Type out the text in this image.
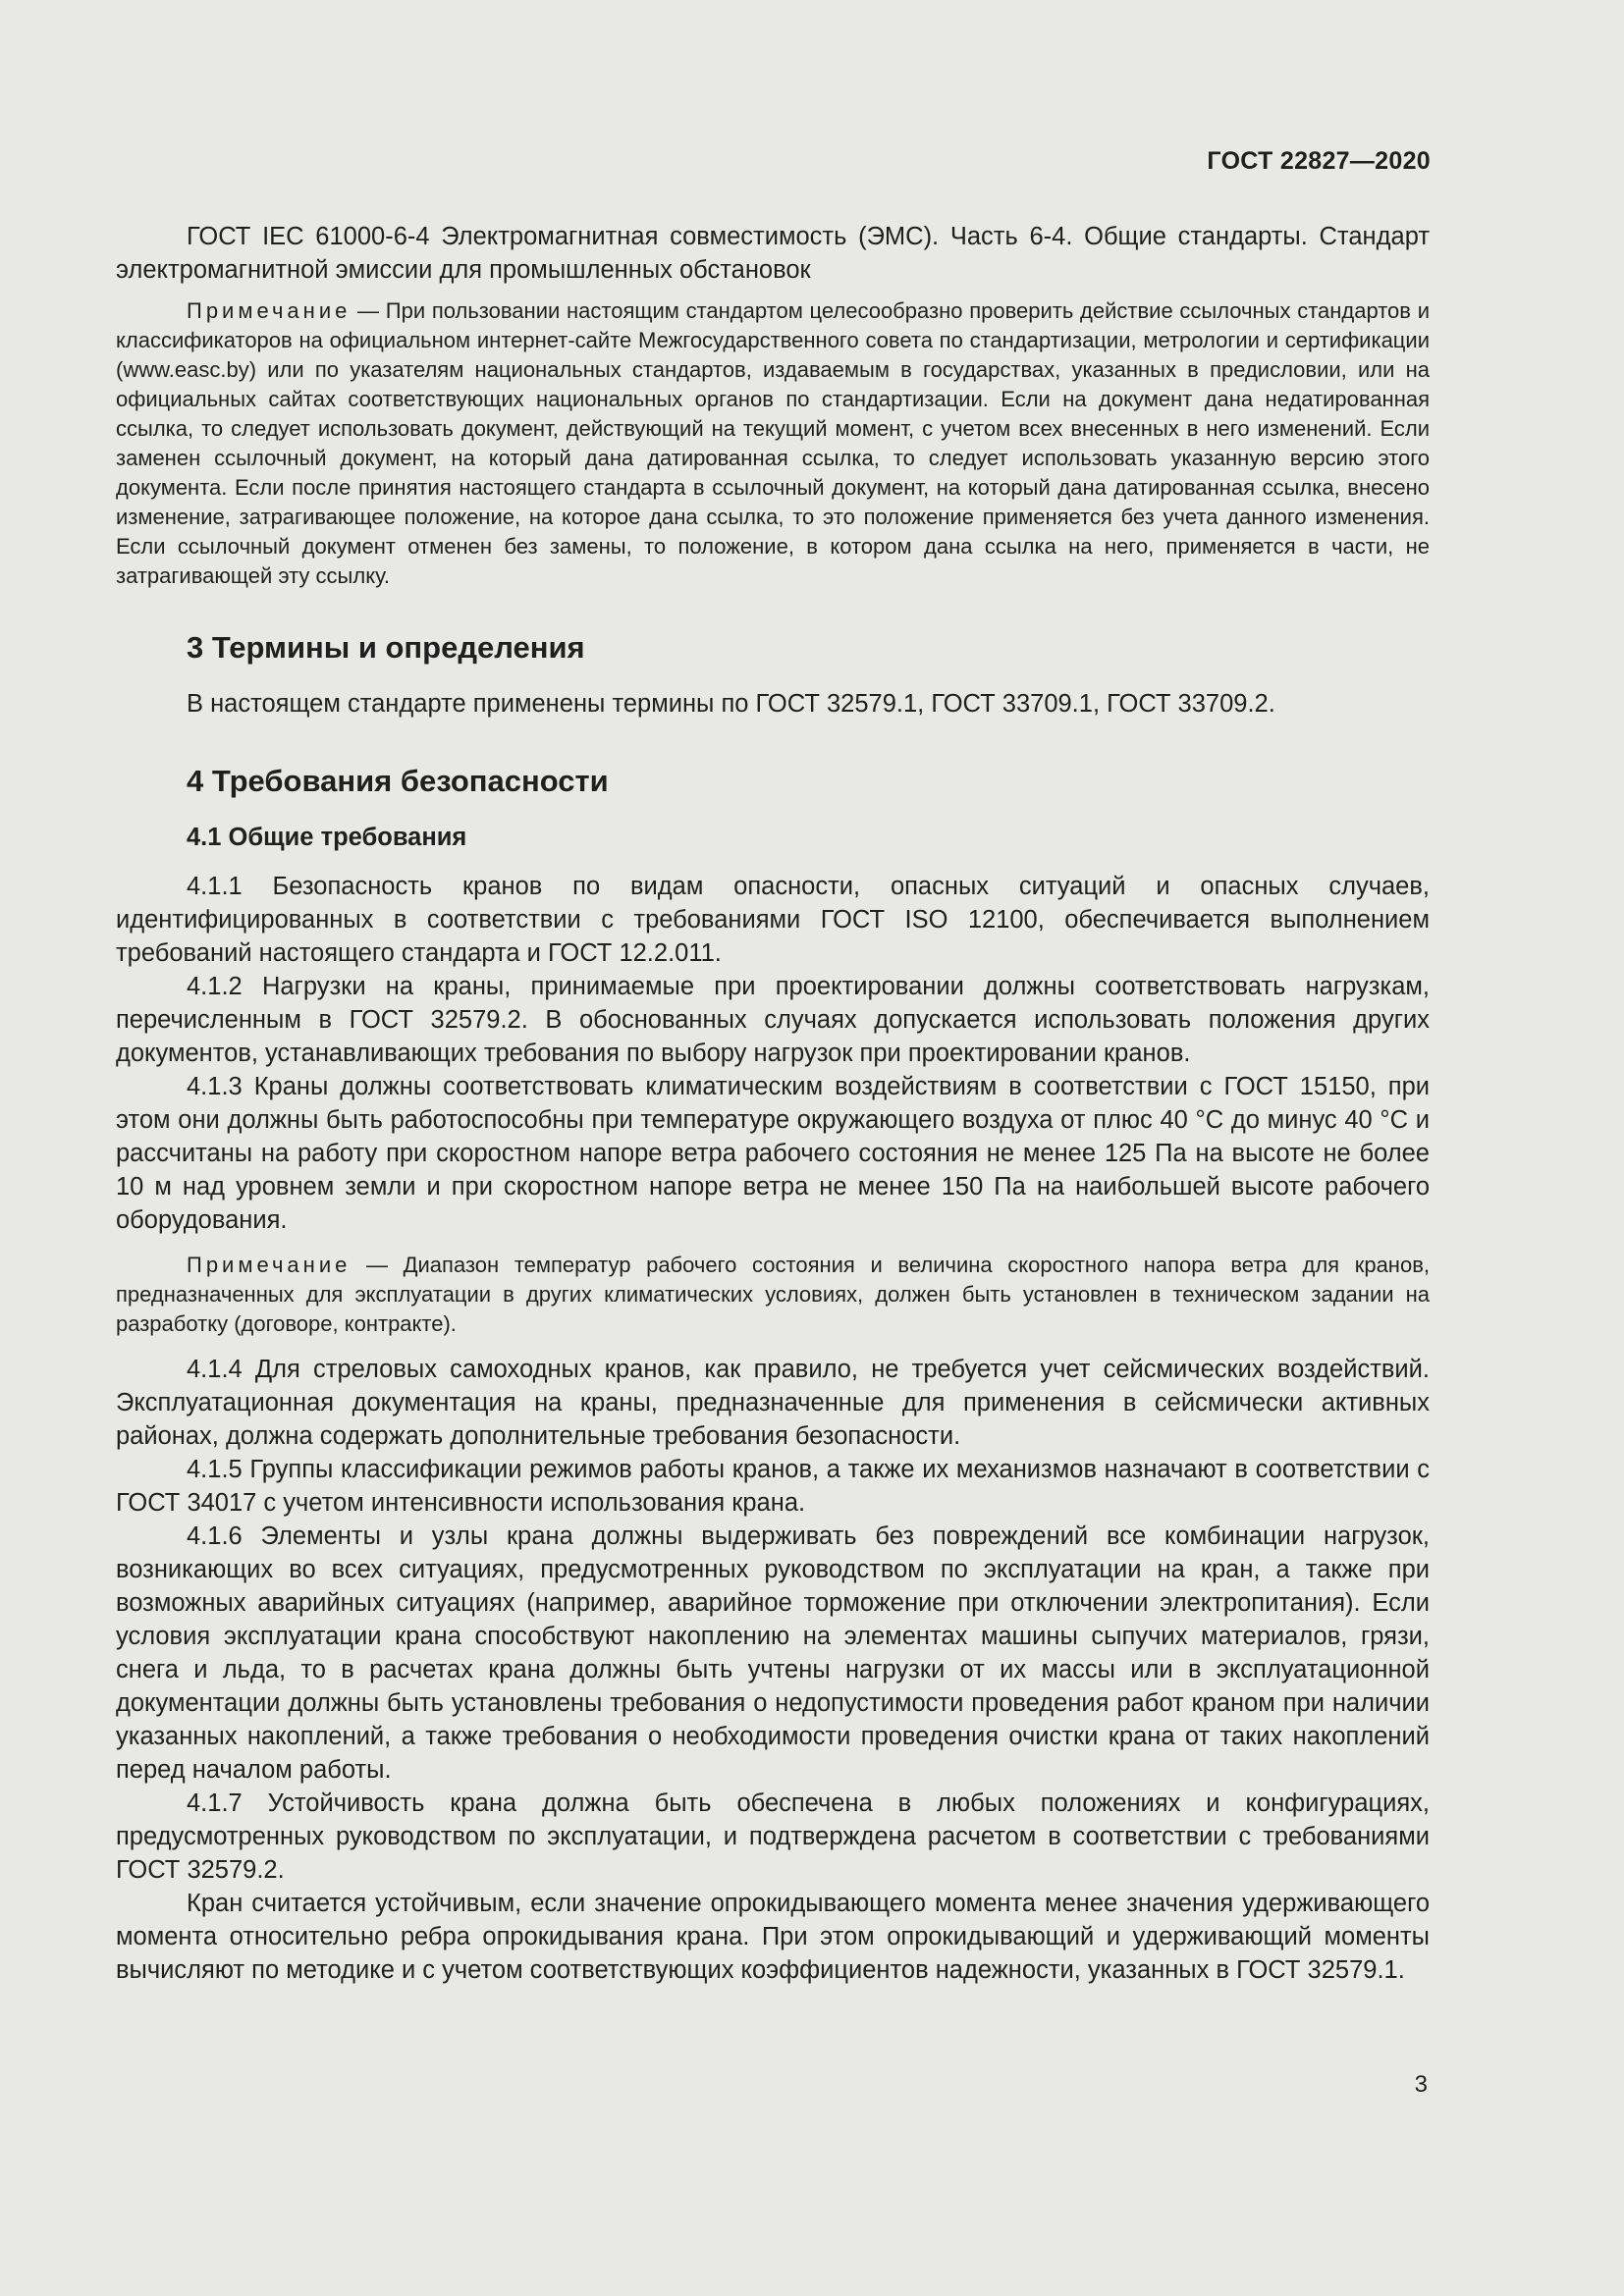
ГОСТ 22827—2020

ГОСТ IEC 61000-6-4 Электромагнитная совместимость (ЭМС). Часть 6-4. Общие стандарты. Стандарт электромагнитной эмиссии для промышленных обстановок

Примечание — При пользовании настоящим стандартом целесообразно проверить действие ссылочных стандартов и классификаторов на официальном интернет-сайте Межгосударственного совета по стандартизации, метрологии и сертификации (www.easc.by) или по указателям национальных стандартов, издаваемым в государствах, указанных в предисловии, или на официальных сайтах соответствующих национальных органов по стандартизации. Если на документ дана недатированная ссылка, то следует использовать документ, действующий на текущий момент, с учетом всех внесенных в него изменений. Если заменен ссылочный документ, на который дана датированная ссылка, то следует использовать указанную версию этого документа. Если после принятия настоящего стандарта в ссылочный документ, на который дана датированная ссылка, внесено изменение, затрагивающее положение, на которое дана ссылка, то это положение применяется без учета данного изменения. Если ссылочный документ отменен без замены, то положение, в котором дана ссылка на него, применяется в части, не затрагивающей эту ссылку.

3 Термины и определения

В настоящем стандарте применены термины по ГОСТ 32579.1, ГОСТ 33709.1, ГОСТ 33709.2.

4 Требования безопасности
4.1 Общие требования

4.1.1 Безопасность кранов по видам опасности, опасных ситуаций и опасных случаев, идентифицированных в соответствии с требованиями ГОСТ ISO 12100, обеспечивается выполнением требований настоящего стандарта и ГОСТ 12.2.011.

4.1.2 Нагрузки на краны, принимаемые при проектировании должны соответствовать нагрузкам, перечисленным в ГОСТ 32579.2. В обоснованных случаях допускается использовать положения других документов, устанавливающих требования по выбору нагрузок при проектировании кранов.

4.1.3 Краны должны соответствовать климатическим воздействиям в соответствии с ГОСТ 15150, при этом они должны быть работоспособны при температуре окружающего воздуха от плюс 40 °С до минус 40 °С и рассчитаны на работу при скоростном напоре ветра рабочего состояния не менее 125 Па на высоте не более 10 м над уровнем земли и при скоростном напоре ветра не менее 150 Па на наибольшей высоте рабочего оборудования.

Примечание — Диапазон температур рабочего состояния и величина скоростного напора ветра для кранов, предназначенных для эксплуатации в других климатических условиях, должен быть установлен в техническом задании на разработку (договоре, контракте).

4.1.4 Для стреловых самоходных кранов, как правило, не требуется учет сейсмических воздействий. Эксплуатационная документация на краны, предназначенные для применения в сейсмически активных районах, должна содержать дополнительные требования безопасности.

4.1.5 Группы классификации режимов работы кранов, а также их механизмов назначают в соответствии с ГОСТ 34017 с учетом интенсивности использования крана.

4.1.6 Элементы и узлы крана должны выдерживать без повреждений все комбинации нагрузок, возникающих во всех ситуациях, предусмотренных руководством по эксплуатации на кран, а также при возможных аварийных ситуациях (например, аварийное торможение при отключении электропитания). Если условия эксплуатации крана способствуют накоплению на элементах машины сыпучих материалов, грязи, снега и льда, то в расчетах крана должны быть учтены нагрузки от их массы или в эксплуатационной документации должны быть установлены требования о недопустимости проведения работ краном при наличии указанных накоплений, а также требования о необходимости проведения очистки крана от таких накоплений перед началом работы.

4.1.7 Устойчивость крана должна быть обеспечена в любых положениях и конфигурациях, предусмотренных руководством по эксплуатации, и подтверждена расчетом в соответствии с требованиями ГОСТ 32579.2.

Кран считается устойчивым, если значение опрокидывающего момента менее значения удерживающего момента относительно ребра опрокидывания крана. При этом опрокидывающий и удерживающий моменты вычисляют по методике и с учетом соответствующих коэффициентов надежности, указанных в ГОСТ 32579.1.

3
